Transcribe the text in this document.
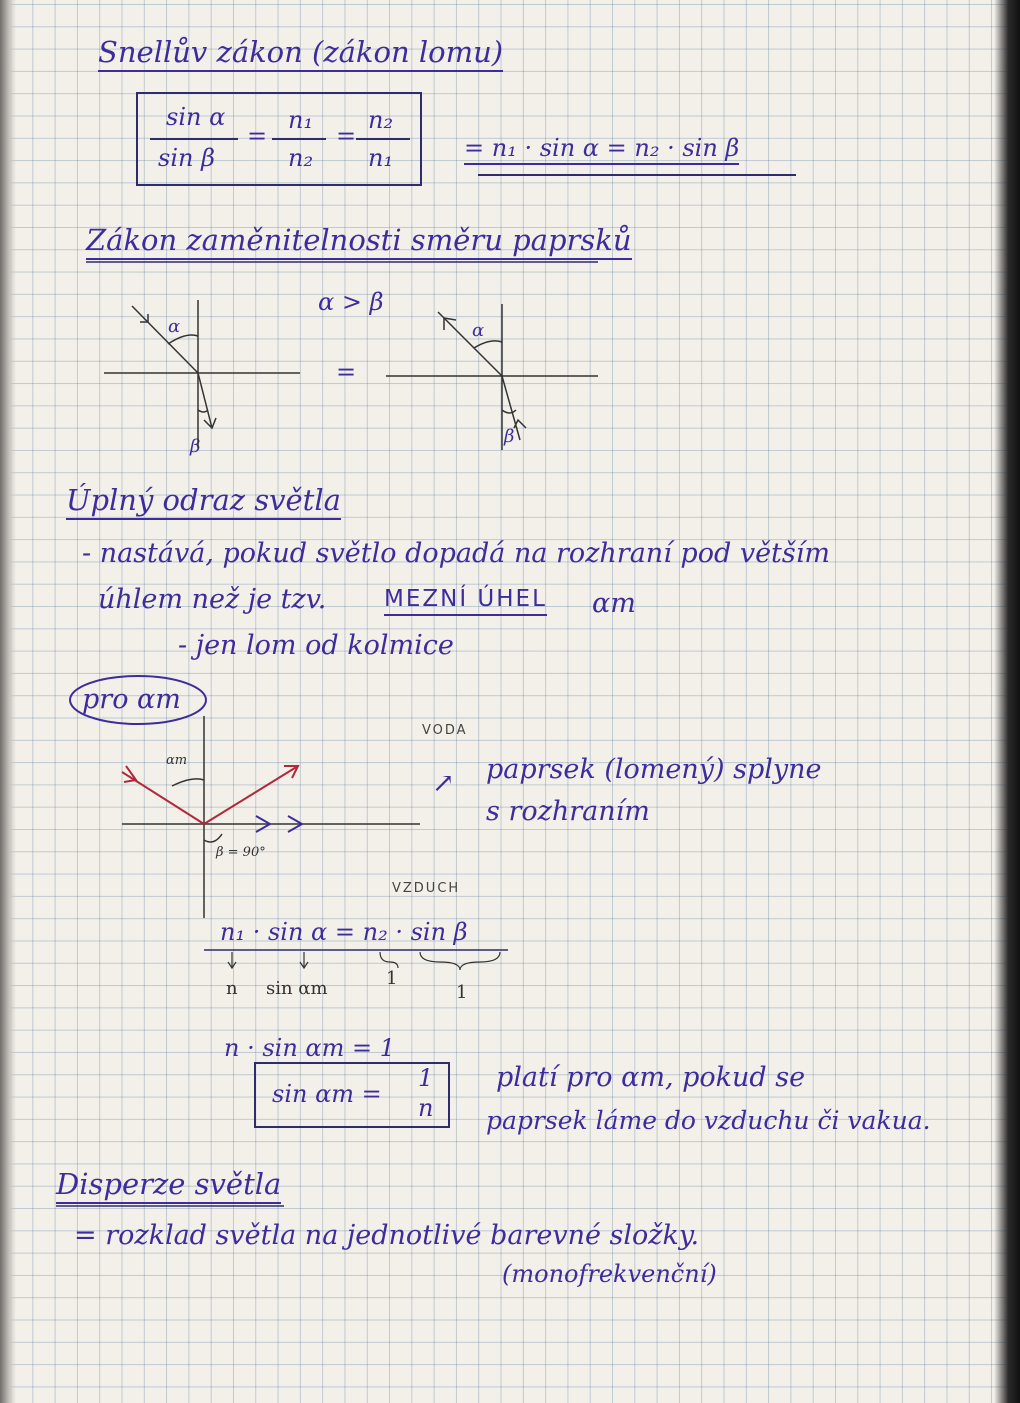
Snellův zákon (zákon lomu)
sin α
sin β
=
n₁
n₂
=
n₂
n₁	= n₁ · sin α = n₂ · sin β
Zákon zaměnitelnosti směru paprsků
α > β
α
β
=
α
β
Úplný odraz světla
- nastává, pokud světlo dopadá na rozhraní pod větším
úhlem než je tzv.	MEZNÍ ÚHEL αm
- jen lom od kolmice
pro αm
VODA
VZDUCH
αm
β = 90°
↗ paprsek (lomený) splyne
s rozhraním
n₁ · sin α = n₂ · sin β
n sin αm	1
1
n · sin αm = 1
sin αm =
1
n
platí pro αm, pokud se
paprsek láme do vzduchu či vakua.
Disperze světla
= rozklad světla na jednotlivé barevné složky.
(monofrekvenční)
